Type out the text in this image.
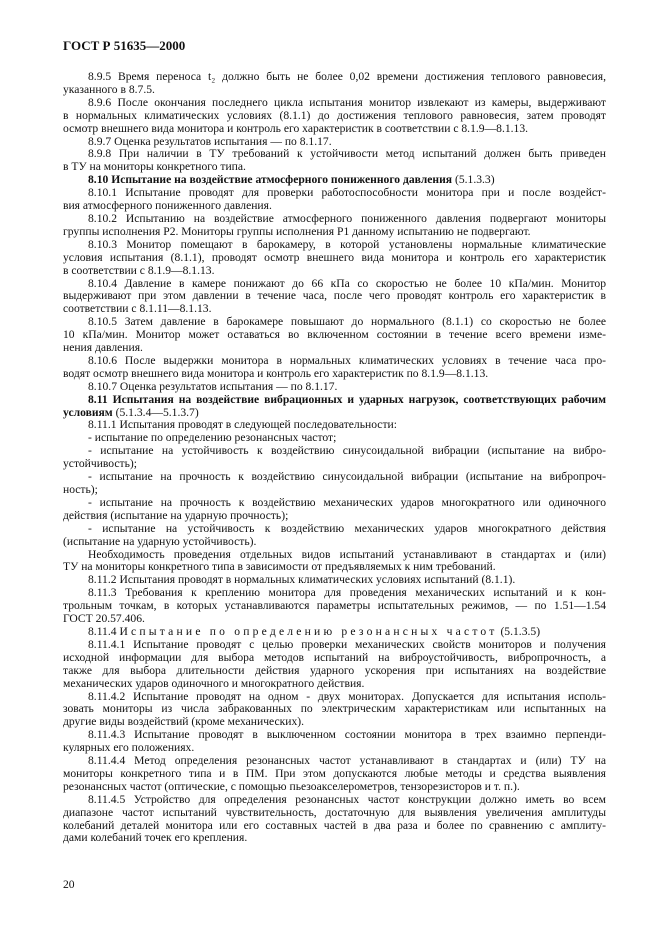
ГОСТ Р 51635—2000
8.9.5 Время переноса t₂ должно быть не более 0,02 времени достижения теплового равновесия,
указанного в 8.7.5.
8.9.6 После окончания последнего цикла испытания монитор извлекают из камеры, выдерживают
в нормальных климатических условиях (8.1.1) до достижения теплового равновесия, затем проводят
осмотр внешнего вида монитора и контроль его характеристик в соответствии с 8.1.9—8.1.13.
8.9.7 Оценка результатов испытания — по 8.1.17.
8.9.8 При наличии в ТУ требований к устойчивости метод испытаний должен быть приведен
в ТУ на мониторы конкретного типа.
8.10 Испытание на воздействие атмосферного пониженного давления (5.1.3.3)
8.10.1 Испытание проводят для проверки работоспособности монитора при и после воздейст-
вия атмосферного пониженного давления.
8.10.2 Испытанию на воздействие атмосферного пониженного давления подвергают мониторы
группы исполнения Р2. Мониторы группы исполнения Р1 данному испытанию не подвергают.
8.10.3 Монитор помещают в барокамеру, в которой установлены нормальные климатические
условия испытания (8.1.1), проводят осмотр внешнего вида монитора и контроль его характеристик
в соответствии с 8.1.9—8.1.13.
8.10.4 Давление в камере понижают до 66 кПа со скоростью не более 10 кПа/мин. Монитор
выдерживают при этом давлении в течение часа, после чего проводят контроль его характеристик в
соответствии с 8.1.11—8.1.13.
8.10.5 Затем давление в барокамере повышают до нормального (8.1.1) со скоростью не более
10 кПа/мин. Монитор может оставаться во включенном состоянии в течение всего времени изме-
нения давления.
8.10.6 После выдержки монитора в нормальных климатических условиях в течение часа про-
водят осмотр внешнего вида монитора и контроль его характеристик по 8.1.9—8.1.13.
8.10.7 Оценка результатов испытания — по 8.1.17.
8.11 Испытания на воздействие вибрационных и ударных нагрузок, соответствующих рабочим
условиям (5.1.3.4—5.1.3.7)
8.11.1 Испытания проводят в следующей последовательности:
- испытание по определению резонансных частот;
- испытание на устойчивость к воздействию синусоидальной вибрации (испытание на вибро-
устойчивость);
- испытание на прочность к воздействию синусоидальной вибрации (испытание на вибропроч-
ность);
- испытание на прочность к воздействию механических ударов многократного или одиночного
действия (испытание на ударную прочность);
- испытание на устойчивость к воздействию механических ударов многократного действия
(испытание на ударную устойчивость).
Необходимость проведения отдельных видов испытаний устанавливают в стандартах и (или)
ТУ на мониторы конкретного типа в зависимости от предъявляемых к ним требований.
8.11.2 Испытания проводят в нормальных климатических условиях испытаний (8.1.1).
8.11.3 Требования к креплению монитора для проведения механических испытаний и к кон-
трольным точкам, в которых устанавливаются параметры испытательных режимов, — по 1.51—1.54
ГОСТ 20.57.406.
8.11.4 Испытание по определению резонансных частот (5.1.3.5)
8.11.4.1 Испытание проводят с целью проверки механических свойств мониторов и получения
исходной информации для выбора методов испытаний на виброустойчивость, вибропрочность, а
также для выбора длительности действия ударного ускорения при испытаниях на воздействие
механических ударов одиночного и многократного действия.
8.11.4.2 Испытание проводят на одном - двух мониторах. Допускается для испытания исполь-
зовать мониторы из числа забракованных по электрическим характеристикам или испытанных на
другие виды воздействий (кроме механических).
8.11.4.3 Испытание проводят в выключенном состоянии монитора в трех взаимно перпенди-
кулярных его положениях.
8.11.4.4 Метод определения резонансных частот устанавливают в стандартах и (или) ТУ на
мониторы конкретного типа и в ПМ. При этом допускаются любые методы и средства выявления
резонансных частот (оптические, с помощью пьезоакселерометров, тензорезисторов и т. п.).
8.11.4.5 Устройство для определения резонансных частот конструкции должно иметь во всем
диапазоне частот испытаний чувствительность, достаточную для выявления увеличения амплитуды
колебаний деталей монитора или его составных частей в два раза и более по сравнению с амплиту-
дами колебаний точек его крепления.
20
